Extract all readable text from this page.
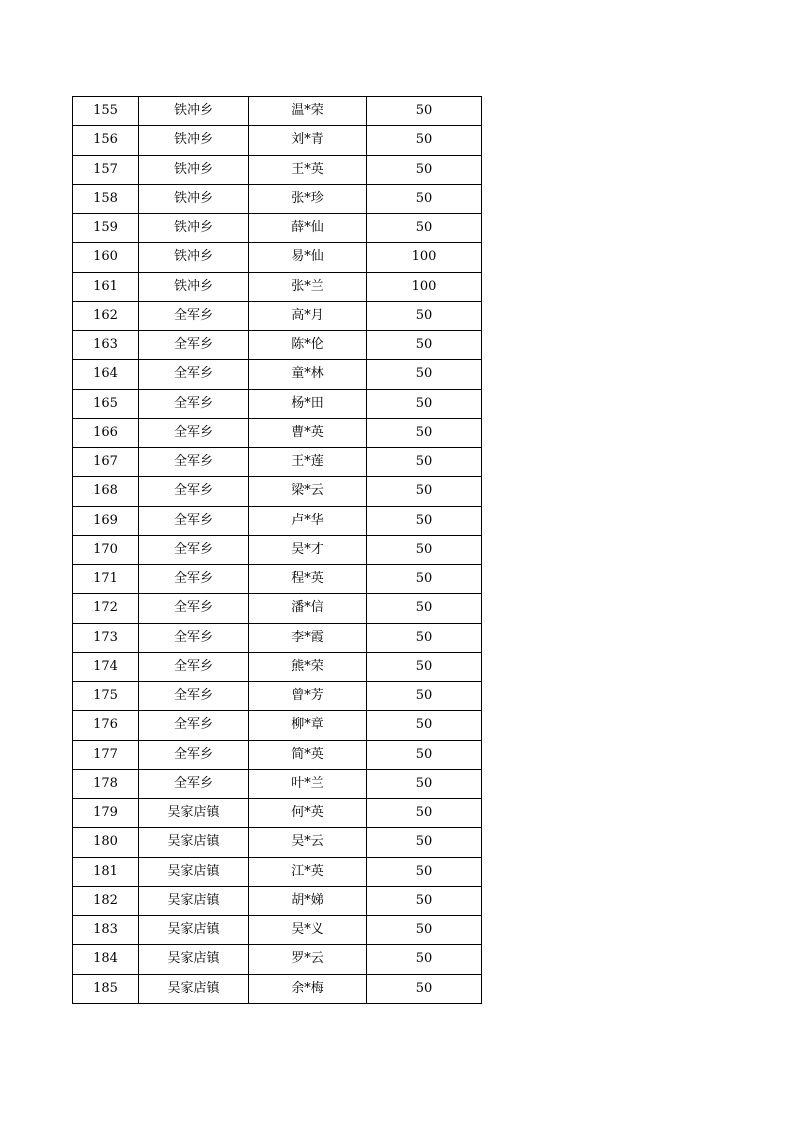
155	铁冲乡	温*荣	50
156	铁冲乡	刘*青	50
157	铁冲乡	王*英	50
158	铁冲乡	张*珍	50
159	铁冲乡	薛*仙	50
160	铁冲乡	易*仙	100
161	铁冲乡	张*兰	100
162	全军乡	高*月	50
163	全军乡	陈*伦	50
164	全军乡	童*林	50
165	全军乡	杨*田	50
166	全军乡	曹*英	50
167	全军乡	王*莲	50
168	全军乡	梁*云	50
169	全军乡	卢*华	50
170	全军乡	吴*才	50
171	全军乡	程*英	50
172	全军乡	潘*信	50
173	全军乡	李*霞	50
174	全军乡	熊*荣	50
175	全军乡	曾*芳	50
176	全军乡	柳*章	50
177	全军乡	简*英	50
178	全军乡	叶*兰	50
179	吴家店镇	何*英	50
180	吴家店镇	吴*云	50
181	吴家店镇	江*英	50
182	吴家店镇	胡*娣	50
183	吴家店镇	吴*义	50
184	吴家店镇	罗*云	50
185	吴家店镇	余*梅	50
